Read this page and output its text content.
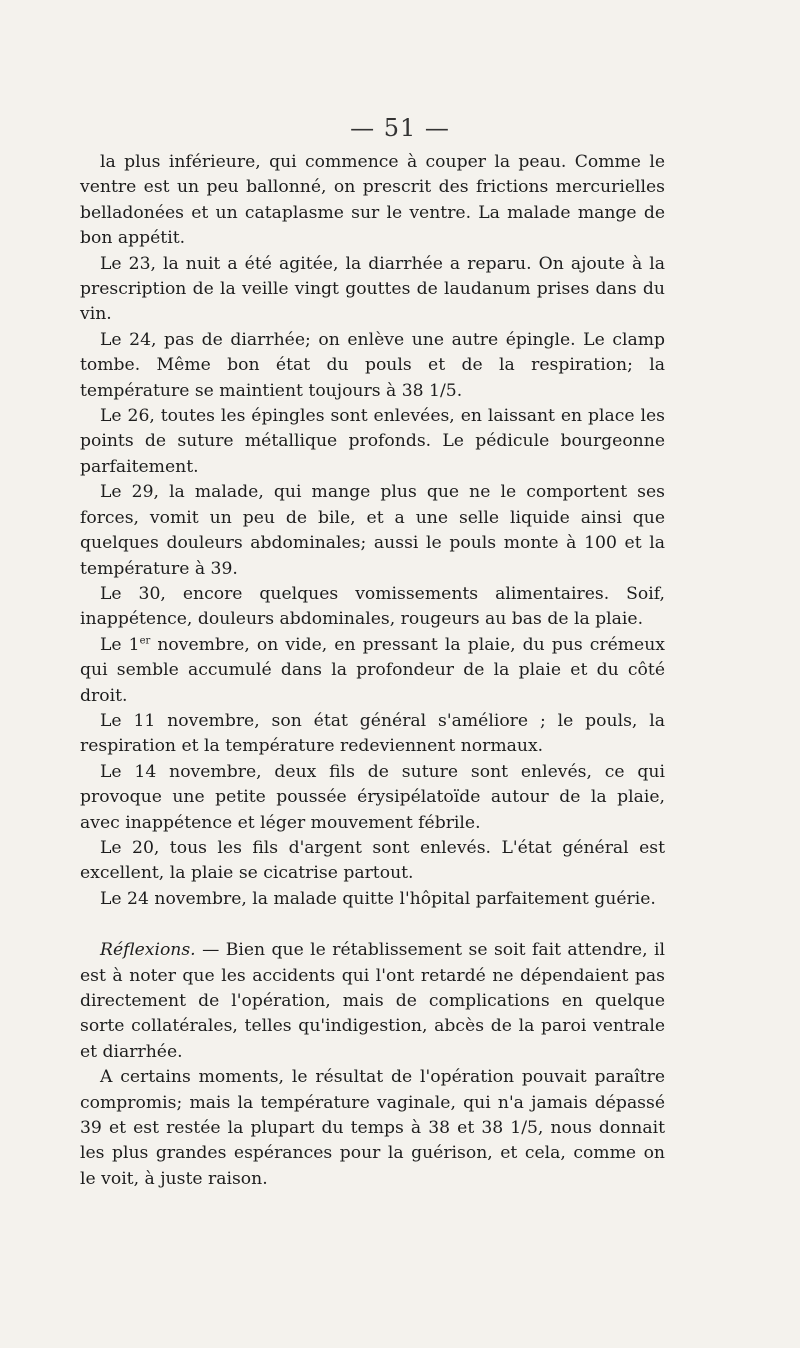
— 51 —

la plus inférieure, qui commence à couper la peau. Comme le ventre est un peu ballonné, on prescrit des frictions mercurielles belladonées et un cataplasme sur le ventre. La malade mange de bon appétit.

Le 23, la nuit a été agitée, la diarrhée a reparu. On ajoute à la prescription de la veille vingt gouttes de laudanum prises dans du vin.

Le 24, pas de diarrhée; on enlève une autre épingle. Le clamp tombe. Même bon état du pouls et de la respiration; la température se maintient toujours à 38 1/5.

Le 26, toutes les épingles sont enlevées, en laissant en place les points de suture métallique profonds. Le pédicule bourgeonne parfaitement.

Le 29, la malade, qui mange plus que ne le comportent ses forces, vomit un peu de bile, et a une selle liquide ainsi que quelques douleurs abdominales; aussi le pouls monte à 100 et la température à 39.

Le 30, encore quelques vomissements alimentaires. Soif, inappétence, douleurs abdominales, rougeurs au bas de la plaie.

Le 1er novembre, on vide, en pressant la plaie, du pus crémeux qui semble accumulé dans la profondeur de la plaie et du côté droit.

Le 11 novembre, son état général s'améliore ; le pouls, la respiration et la température redeviennent normaux.

Le 14 novembre, deux fils de suture sont enlevés, ce qui provoque une petite poussée érysipélatoïde autour de la plaie, avec inappétence et léger mouvement fébrile.

Le 20, tous les fils d'argent sont enlevés. L'état général est excellent, la plaie se cicatrise partout.

Le 24 novembre, la malade quitte l'hôpital parfaitement guérie.

Réflexions. — Bien que le rétablissement se soit fait attendre, il est à noter que les accidents qui l'ont retardé ne dépendaient pas directement de l'opération, mais de complications en quelque sorte collatérales, telles qu'indigestion, abcès de la paroi ventrale et diarrhée.

A certains moments, le résultat de l'opération pouvait paraître compromis; mais la température vaginale, qui n'a jamais dépassé 39 et est restée la plupart du temps à 38 et 38 1/5, nous donnait les plus grandes espérances pour la guérison, et cela, comme on le voit, à juste raison.
